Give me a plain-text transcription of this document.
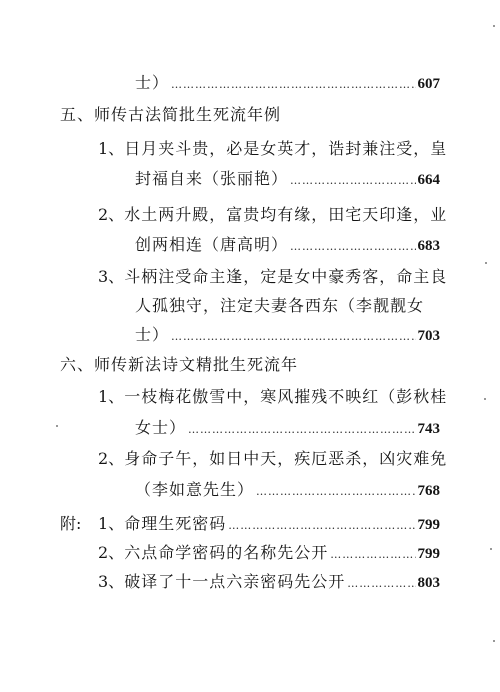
士） ……………………………………………………………………………………………………………………………	607
五、师传古法简批生死流年例
1、 日月夹斗贵，必是女英才，诰封兼注受，皇
封福自来（张丽艳） ……………………………………………………………………………………………………………………………	664
2、 水土两升殿，富贵均有缘，田宅天印逢，业
创两相连（唐高明） ……………………………………………………………………………………………………………………………	683
3、 斗柄注受命主逢，定是女中豪秀客，命主良
人孤独守，注定夫妻各西东（李靓靓女
士） ……………………………………………………………………………………………………………………………	703
六、师传新法诗文精批生死流年
1、 一枝梅花傲雪中，寒风摧残不映红（彭秋桂
女士） ……………………………………………………………………………………………………………………………	743
2、 身命子午，如日中天，疾厄恶杀，凶灾难免
（李如意先生） ……………………………………………………………………………………………………………………………	768
附:	1、 命理生死密码 ……………………………………………………………………………………………………………………………	799
2、 六点命学密码的名称先公开 ……………………………………………………………………………………………………………………………	799
3、 破译了十一点六亲密码先公开 ……………………………………………………………………………………………………………………………	803
